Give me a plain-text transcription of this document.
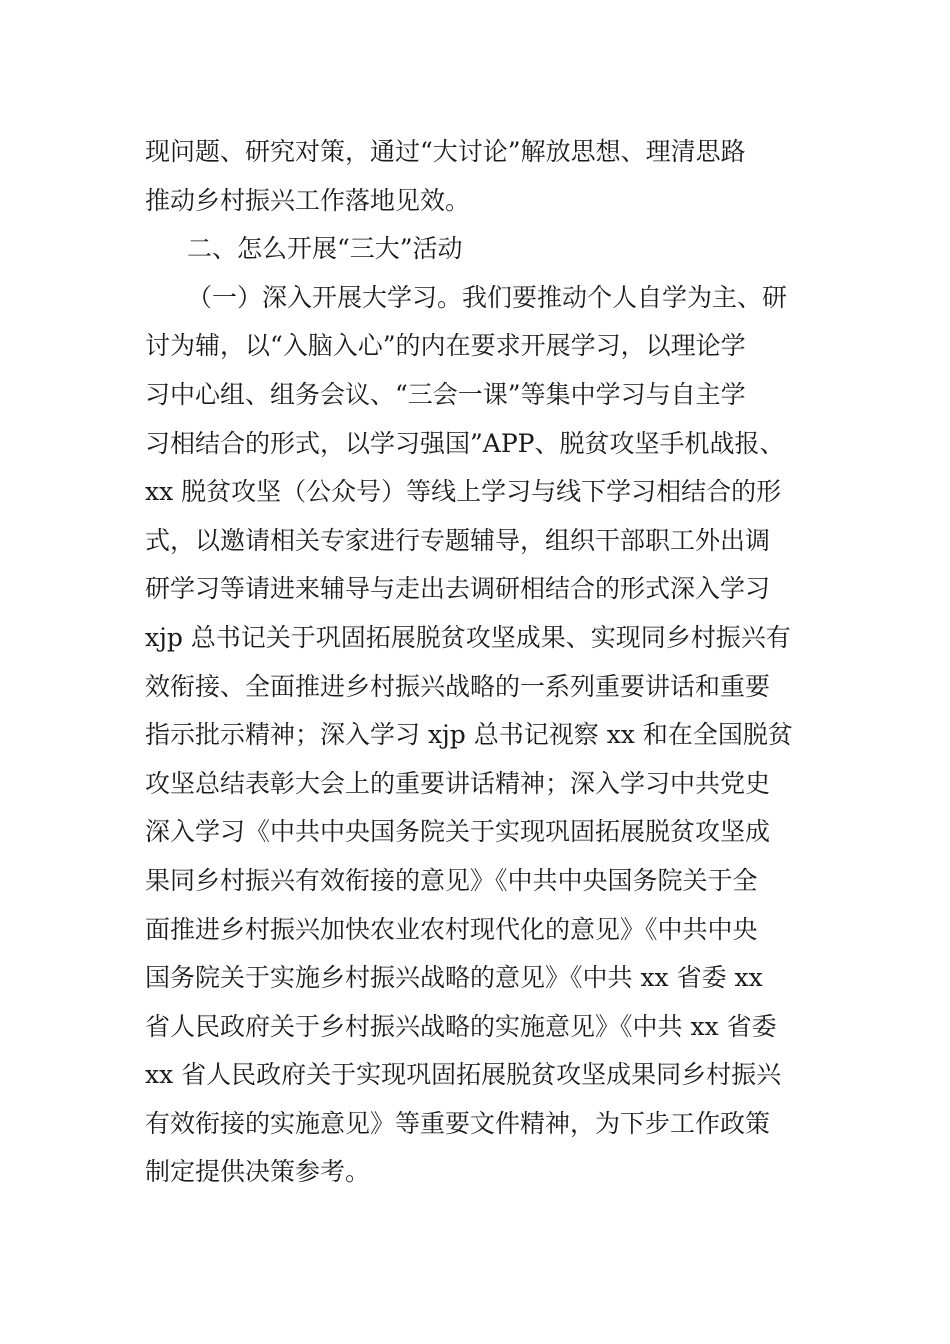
现问题、研究对策，通过“大讨论”解放思想、理清思路
推动乡村振兴工作落地见效。
二、怎么开展“三大”活动
（一）深入开展大学习。我们要推动个人自学为主、研
讨为辅，以“入脑入心”的内在要求开展学习，以理论学
习中心组、组务会议、“三会一课”等集中学习与自主学
习相结合的形式，以学习强国”APP、脱贫攻坚手机战报、
xx 脱贫攻坚（公众号）等线上学习与线下学习相结合的形
式，以邀请相关专家进行专题辅导，组织干部职工外出调
研学习等请进来辅导与走出去调研相结合的形式深入学习
xjp 总书记关于巩固拓展脱贫攻坚成果、实现同乡村振兴有
效衔接、全面推进乡村振兴战略的一系列重要讲话和重要
指示批示精神；深入学习 xjp 总书记视察 xx 和在全国脱贫
攻坚总结表彰大会上的重要讲话精神；深入学习中共党史
深入学习《中共中央国务院关于实现巩固拓展脱贫攻坚成
果同乡村振兴有效衔接的意见》《中共中央国务院关于全
面推进乡村振兴加快农业农村现代化的意见》《中共中央
国务院关于实施乡村振兴战略的意见》《中共 xx 省委 xx
省人民政府关于乡村振兴战略的实施意见》《中共 xx 省委
xx 省人民政府关于实现巩固拓展脱贫攻坚成果同乡村振兴
有效衔接的实施意见》等重要文件精神，为下步工作政策
制定提供决策参考。
